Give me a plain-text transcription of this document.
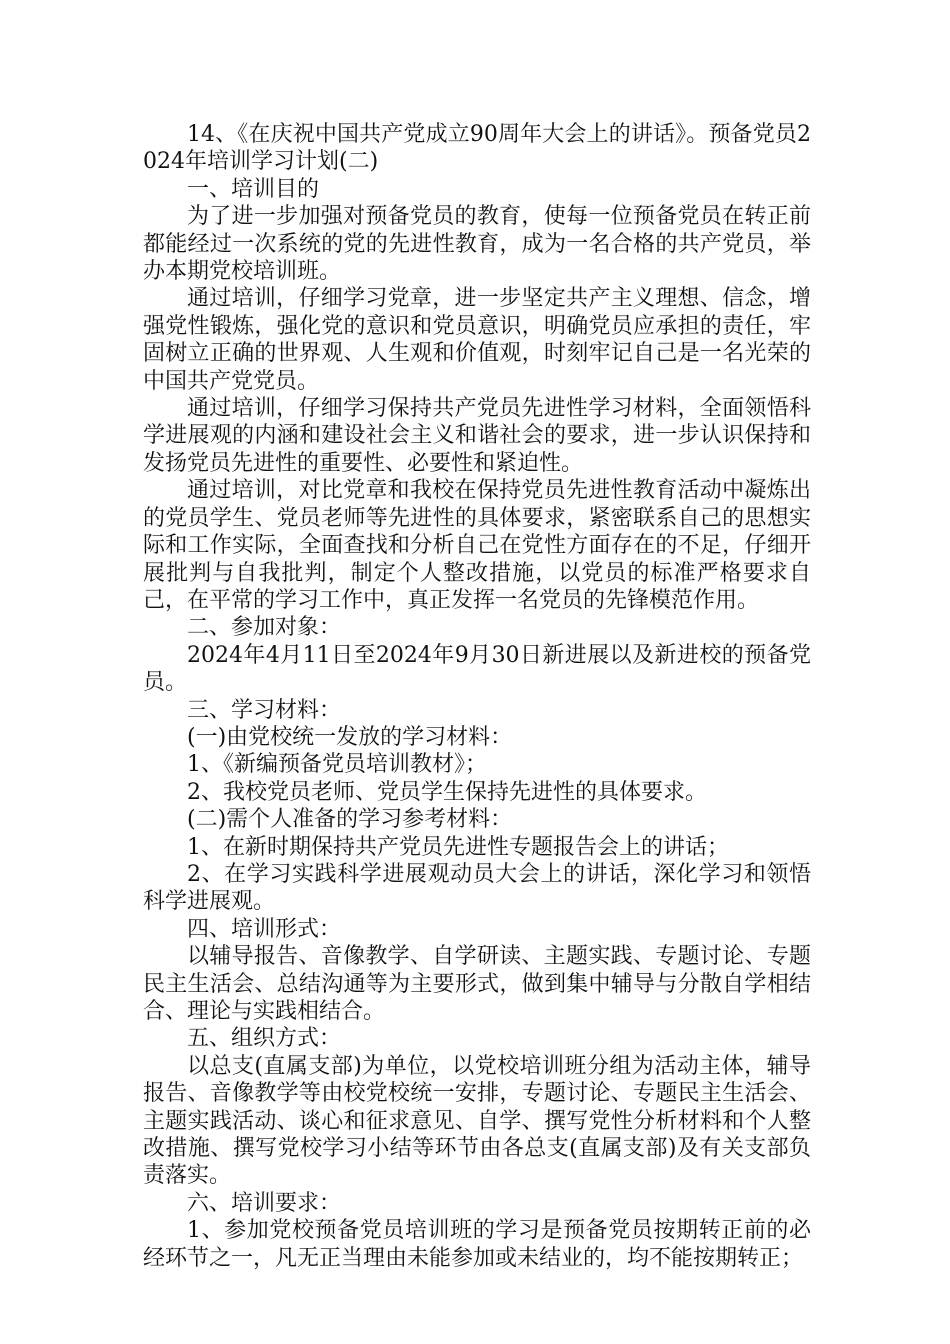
14、《在庆祝中国共产党成立90周年大会上的讲话》。预备党员2024年培训学习计划(二)

一、培训目的

为了进一步加强对预备党员的教育，使每一位预备党员在转正前都能经过一次系统的党的先进性教育，成为一名合格的共产党员，举办本期党校培训班。

通过培训，仔细学习党章，进一步坚定共产主义理想、信念，增强党性锻炼，强化党的意识和党员意识，明确党员应承担的责任，牢固树立正确的世界观、人生观和价值观，时刻牢记自己是一名光荣的中国共产党党员。

通过培训，仔细学习保持共产党员先进性学习材料，全面领悟科学进展观的内涵和建设社会主义和谐社会的要求，进一步认识保持和发扬党员先进性的重要性、必要性和紧迫性。

通过培训，对比党章和我校在保持党员先进性教育活动中凝炼出的党员学生、党员老师等先进性的具体要求，紧密联系自己的思想实际和工作实际，全面查找和分析自己在党性方面存在的不足，仔细开展批判与自我批判，制定个人整改措施，以党员的标准严格要求自己，在平常的学习工作中，真正发挥一名党员的先锋模范作用。

二、参加对象：

2024年4月11日至2024年9月30日新进展以及新进校的预备党员。

三、学习材料：

(一)由党校统一发放的学习材料：

1、《新编预备党员培训教材》；

2、我校党员老师、党员学生保持先进性的具体要求。

(二)需个人准备的学习参考材料：

1、在新时期保持共产党员先进性专题报告会上的讲话；

2、在学习实践科学进展观动员大会上的讲话，深化学习和领悟科学进展观。

四、培训形式：

以辅导报告、音像教学、自学研读、主题实践、专题讨论、专题民主生活会、总结沟通等为主要形式，做到集中辅导与分散自学相结合、理论与实践相结合。

五、组织方式：

以总支(直属支部)为单位，以党校培训班分组为活动主体，辅导报告、音像教学等由校党校统一安排，专题讨论、专题民主生活会、主题实践活动、谈心和征求意见、自学、撰写党性分析材料和个人整改措施、撰写党校学习小结等环节由各总支(直属支部)及有关支部负责落实。

六、培训要求：

1、参加党校预备党员培训班的学习是预备党员按期转正前的必经环节之一，凡无正当理由未能参加或未结业的，均不能按期转正；
